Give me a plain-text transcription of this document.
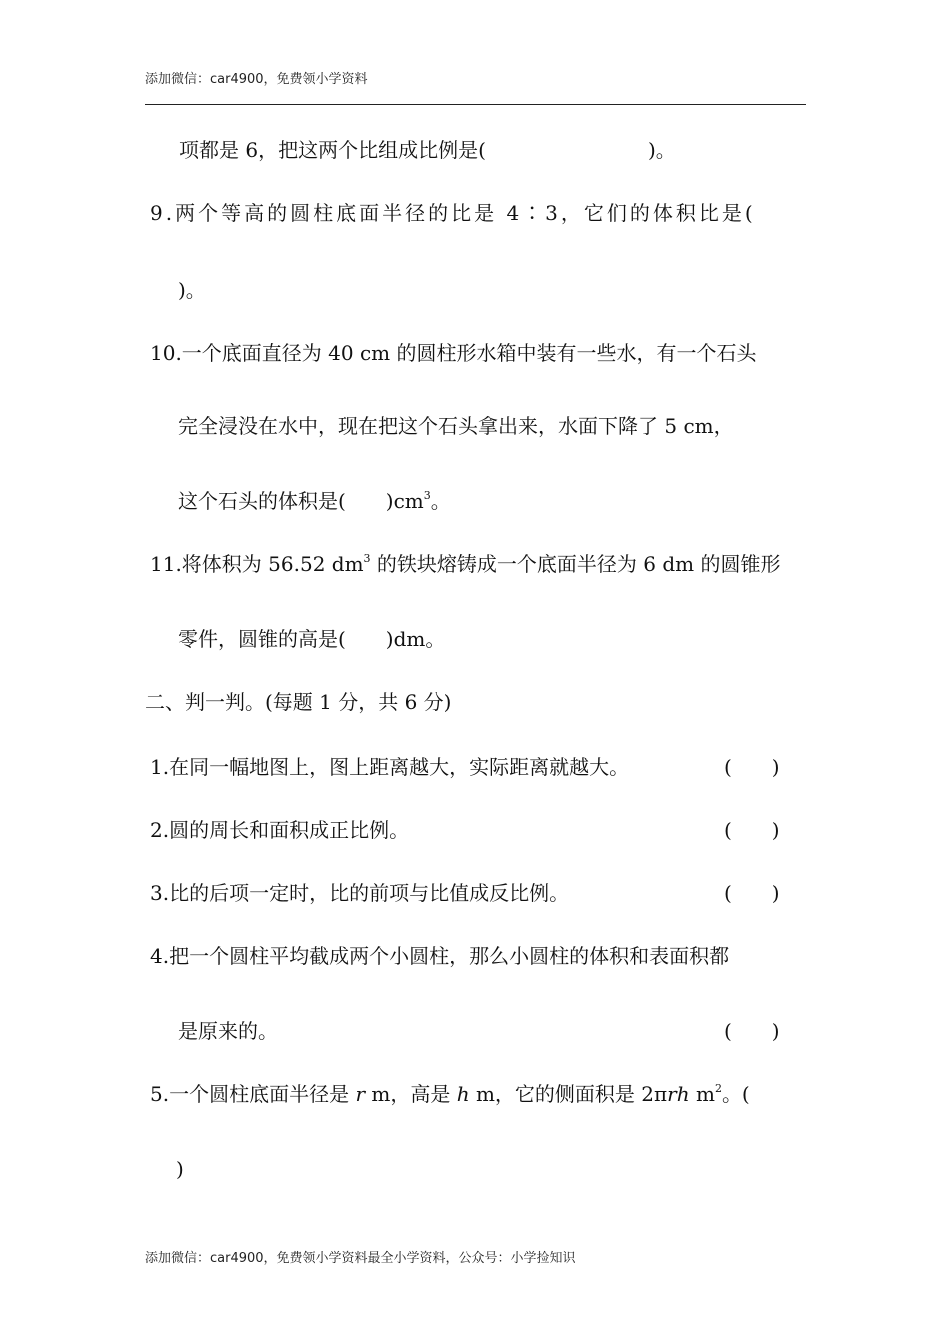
添加微信：car4900，免费领小学资料
项都是 6，把这两个比组成比例是(	)。
9.两个等高的圆柱底面半径的比是 4∶3，它们的体积比是(
)。
10.一个底面直径为 40 cm 的圆柱形水箱中装有一些水，有一个石头
完全浸没在水中，现在把这个石头拿出来，水面下降了 5 cm，
这个石头的体积是(　　)$cm^3$。
11.将体积为 56.52 $dm^3$ 的铁块熔铸成一个底面半径为 6 dm 的圆锥形
零件，圆锥的高是(　　)dm。
二、判一判。(每题 1 分，共 6 分)
1.在同一幅地图上，图上距离越大，实际距离就越大。	(　　)
2.圆的周长和面积成正比例。	(　　)
3.比的后项一定时，比的前项与比值成反比例。	(　　)
4.把一个圆柱平均截成两个小圆柱，那么小圆柱的体积和表面积都
是原来的。	(　　)
5.一个圆柱底面半径是 r m，高是 h m，它的侧面积是 2πrh $m^2$。(
)
添加微信：car4900，免费领小学资料最全小学资料，公众号：小学捡知识
